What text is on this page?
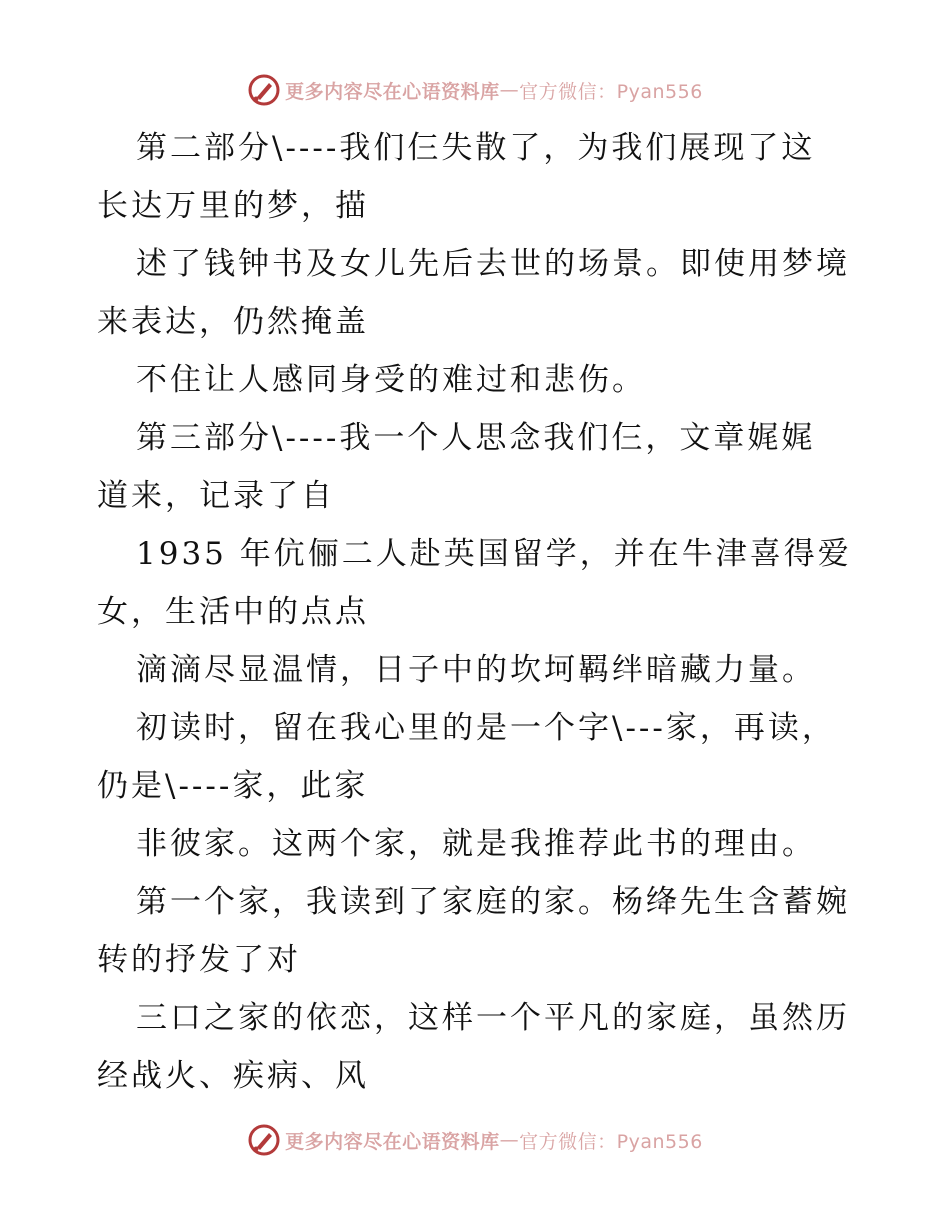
更多内容尽在心语资料库 — 官方微信：Pyan556
第二部分\----我们仨失散了，为我们展现了这
长达万里的梦，描
述了钱钟书及女儿先后去世的场景。即使用梦境
来表达，仍然掩盖
不住让人感同身受的难过和悲伤。
第三部分\----我一个人思念我们仨，文章娓娓
道来，记录了自
1935 年伉俪二人赴英国留学，并在牛津喜得爱
女，生活中的点点
滴滴尽显温情，日子中的坎坷羁绊暗藏力量。
初读时，留在我心里的是一个字\---家，再读，
仍是\----家，此家
非彼家。这两个家，就是我推荐此书的理由。
第一个家，我读到了家庭的家。杨绛先生含蓄婉
转的抒发了对
三口之家的依恋，这样一个平凡的家庭，虽然历
经战火、疾病、风
更多内容尽在心语资料库 — 官方微信：Pyan556
